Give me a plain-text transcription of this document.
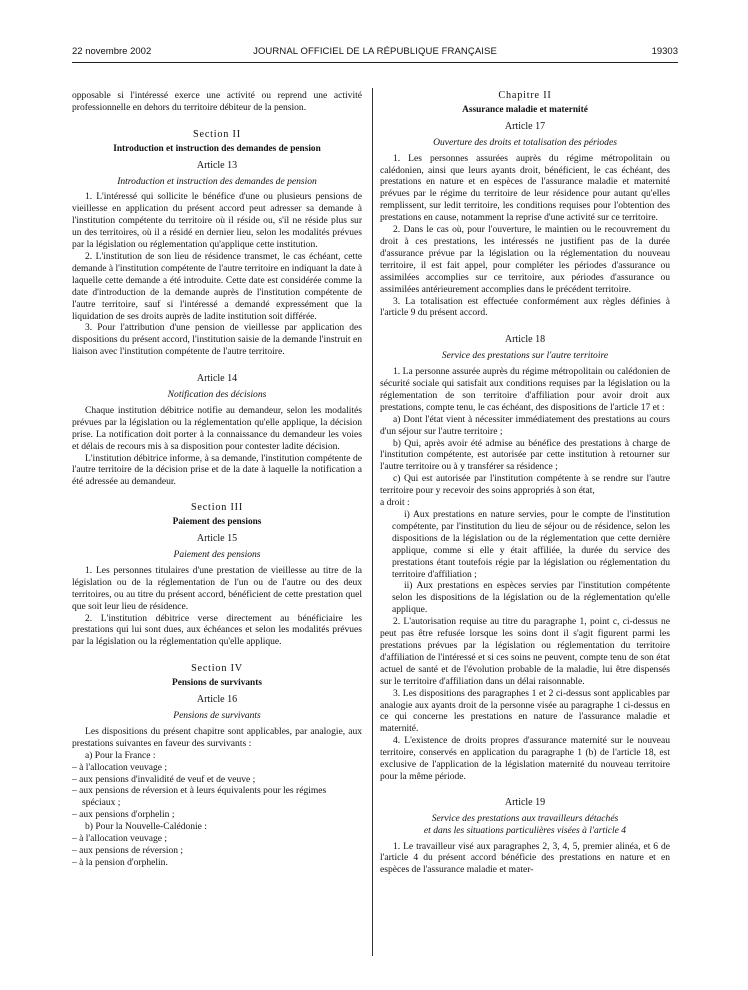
22 novembre 2002	JOURNAL OFFICIEL DE LA RÉPUBLIQUE FRANÇAISE	19303

opposable si l'intéressé exerce une activité ou reprend une activité professionnelle en dehors du territoire débiteur de la pension.

Section II
Introduction et instruction des demandes de pension
Article 13
Introduction et instruction des demandes de pension

1. L'intéressé qui sollicite le bénéfice d'une ou plusieurs pensions de vieillesse en application du présent accord peut adresser sa demande à l'institution compétente du territoire où il réside ou, s'il ne réside plus sur un des territoires, où il a résidé en dernier lieu, selon les modalités prévues par la législation ou réglementation qu'applique cette institution.

2. L'institution de son lieu de résidence transmet, le cas échéant, cette demande à l'institution compétente de l'autre territoire en indiquant la date à laquelle cette demande a été introduite. Cette date est considérée comme la date d'introduction de la demande auprès de l'institution compétente de l'autre territoire, sauf si l'intéressé a demandé expressément que la liquidation de ses droits auprès de ladite institution soit différée.

3. Pour l'attribution d'une pension de vieillesse par application des dispositions du présent accord, l'institution saisie de la demande l'instruit en liaison avec l'institution compétente de l'autre territoire.

Article 14
Notification des décisions

Chaque institution débitrice notifie au demandeur, selon les modalités prévues par la législation ou la réglementation qu'elle applique, la décision prise. La notification doit porter à la connaissance du demandeur les voies et délais de recours mis à sa disposition pour contester ladite décision.

L'institution débitrice informe, à sa demande, l'institution compétente de l'autre territoire de la décision prise et de la date à laquelle la notification a été adressée au demandeur.

Section III
Paiement des pensions
Article 15
Paiement des pensions

1. Les personnes titulaires d'une prestation de vieillesse au titre de la législation ou de la réglementation de l'un ou de l'autre ou des deux territoires, ou au titre du présent accord, bénéficient de cette prestation quel que soit leur lieu de résidence.

2. L'institution débitrice verse directement au bénéficiaire les prestations qui lui sont dues, aux échéances et selon les modalités prévues par la législation ou la réglementation qu'elle applique.

Section IV
Pensions de survivants
Article 16
Pensions de survivants

Les dispositions du présent chapitre sont applicables, par analogie, aux prestations suivantes en faveur des survivants :

a) Pour la France :

– à l'allocation veuvage ;
– aux pensions d'invalidité de veuf et de veuve ;
– aux pensions de réversion et à leurs équivalents pour les régimes spéciaux ;
– aux pensions d'orphelin ;

b) Pour la Nouvelle-Calédonie :

– à l'allocation veuvage ;
– aux pensions de réversion ;
– à la pension d'orphelin.
Chapitre II
Assurance maladie et maternité
Article 17
Ouverture des droits et totalisation des périodes

1. Les personnes assurées auprès du régime métropolitain ou calédonien, ainsi que leurs ayants droit, bénéficient, le cas échéant, des prestations en nature et en espèces de l'assurance maladie et maternité prévues par le régime du territoire de leur résidence pour autant qu'elles remplissent, sur ledit territoire, les conditions requises pour l'obtention des prestations en cause, notamment la reprise d'une activité sur ce territoire.

2. Dans le cas où, pour l'ouverture, le maintien ou le recouvrement du droit à ces prestations, les intéressés ne justifient pas de la durée d'assurance prévue par la législation ou la réglementation du nouveau territoire, il est fait appel, pour compléter les périodes d'assurance ou assimilées accomplies sur ce territoire, aux périodes d'assurance ou assimilées antérieurement accomplies dans le précédent territoire.

3. La totalisation est effectuée conformément aux règles définies à l'article 9 du présent accord.

Article 18
Service des prestations sur l'autre territoire

1. La personne assurée auprès du régime métropolitain ou calédonien de sécurité sociale qui satisfait aux conditions requises par la législation ou la réglementation de son territoire d'affiliation pour avoir droit aux prestations, compte tenu, le cas échéant, des dispositions de l'article 17 et :

a) Dont l'état vient à nécessiter immédiatement des prestations au cours d'un séjour sur l'autre territoire ;

b) Qui, après avoir été admise au bénéfice des prestations à charge de l'institution compétente, est autorisée par cette institution à retourner sur l'autre territoire ou à y transférer sa résidence ;

c) Qui est autorisée par l'institution compétente à se rendre sur l'autre territoire pour y recevoir des soins appropriés à son état,

a droit :

i) Aux prestations en nature servies, pour le compte de l'institution compétente, par l'institution du lieu de séjour ou de résidence, selon les dispositions de la législation ou de la réglementation que cette dernière applique, comme si elle y était affiliée, la durée du service des prestations étant toutefois régie par la législation ou réglementation du territoire d'affiliation ;

ii) Aux prestations en espèces servies par l'institution compétente selon les dispositions de la législation ou de la réglementation qu'elle applique.

2. L'autorisation requise au titre du paragraphe 1, point c, ci-dessus ne peut pas être refusée lorsque les soins dont il s'agit figurent parmi les prestations prévues par la législation ou réglementation du territoire d'affiliation de l'intéressé et si ces soins ne peuvent, compte tenu de son état actuel de santé et de l'évolution probable de la maladie, lui être dispensés sur le territoire d'affiliation dans un délai raisonnable.

3. Les dispositions des paragraphes 1 et 2 ci-dessus sont applicables par analogie aux ayants droit de la personne visée au paragraphe 1 ci-dessus en ce qui concerne les prestations en nature de l'assurance maladie et maternité.

4. L'existence de droits propres d'assurance maternité sur le nouveau territoire, conservés en application du paragraphe 1 (b) de l'article 18, est exclusive de l'application de la législation maternité du nouveau territoire pour la même période.

Article 19
Service des prestations aux travailleurs détachés
et dans les situations particulières visées à l'article 4

1. Le travailleur visé aux paragraphes 2, 3, 4, 5, premier alinéa, et 6 de l'article 4 du présent accord bénéficie des prestations en nature et en espèces de l'assurance maladie et mater-
